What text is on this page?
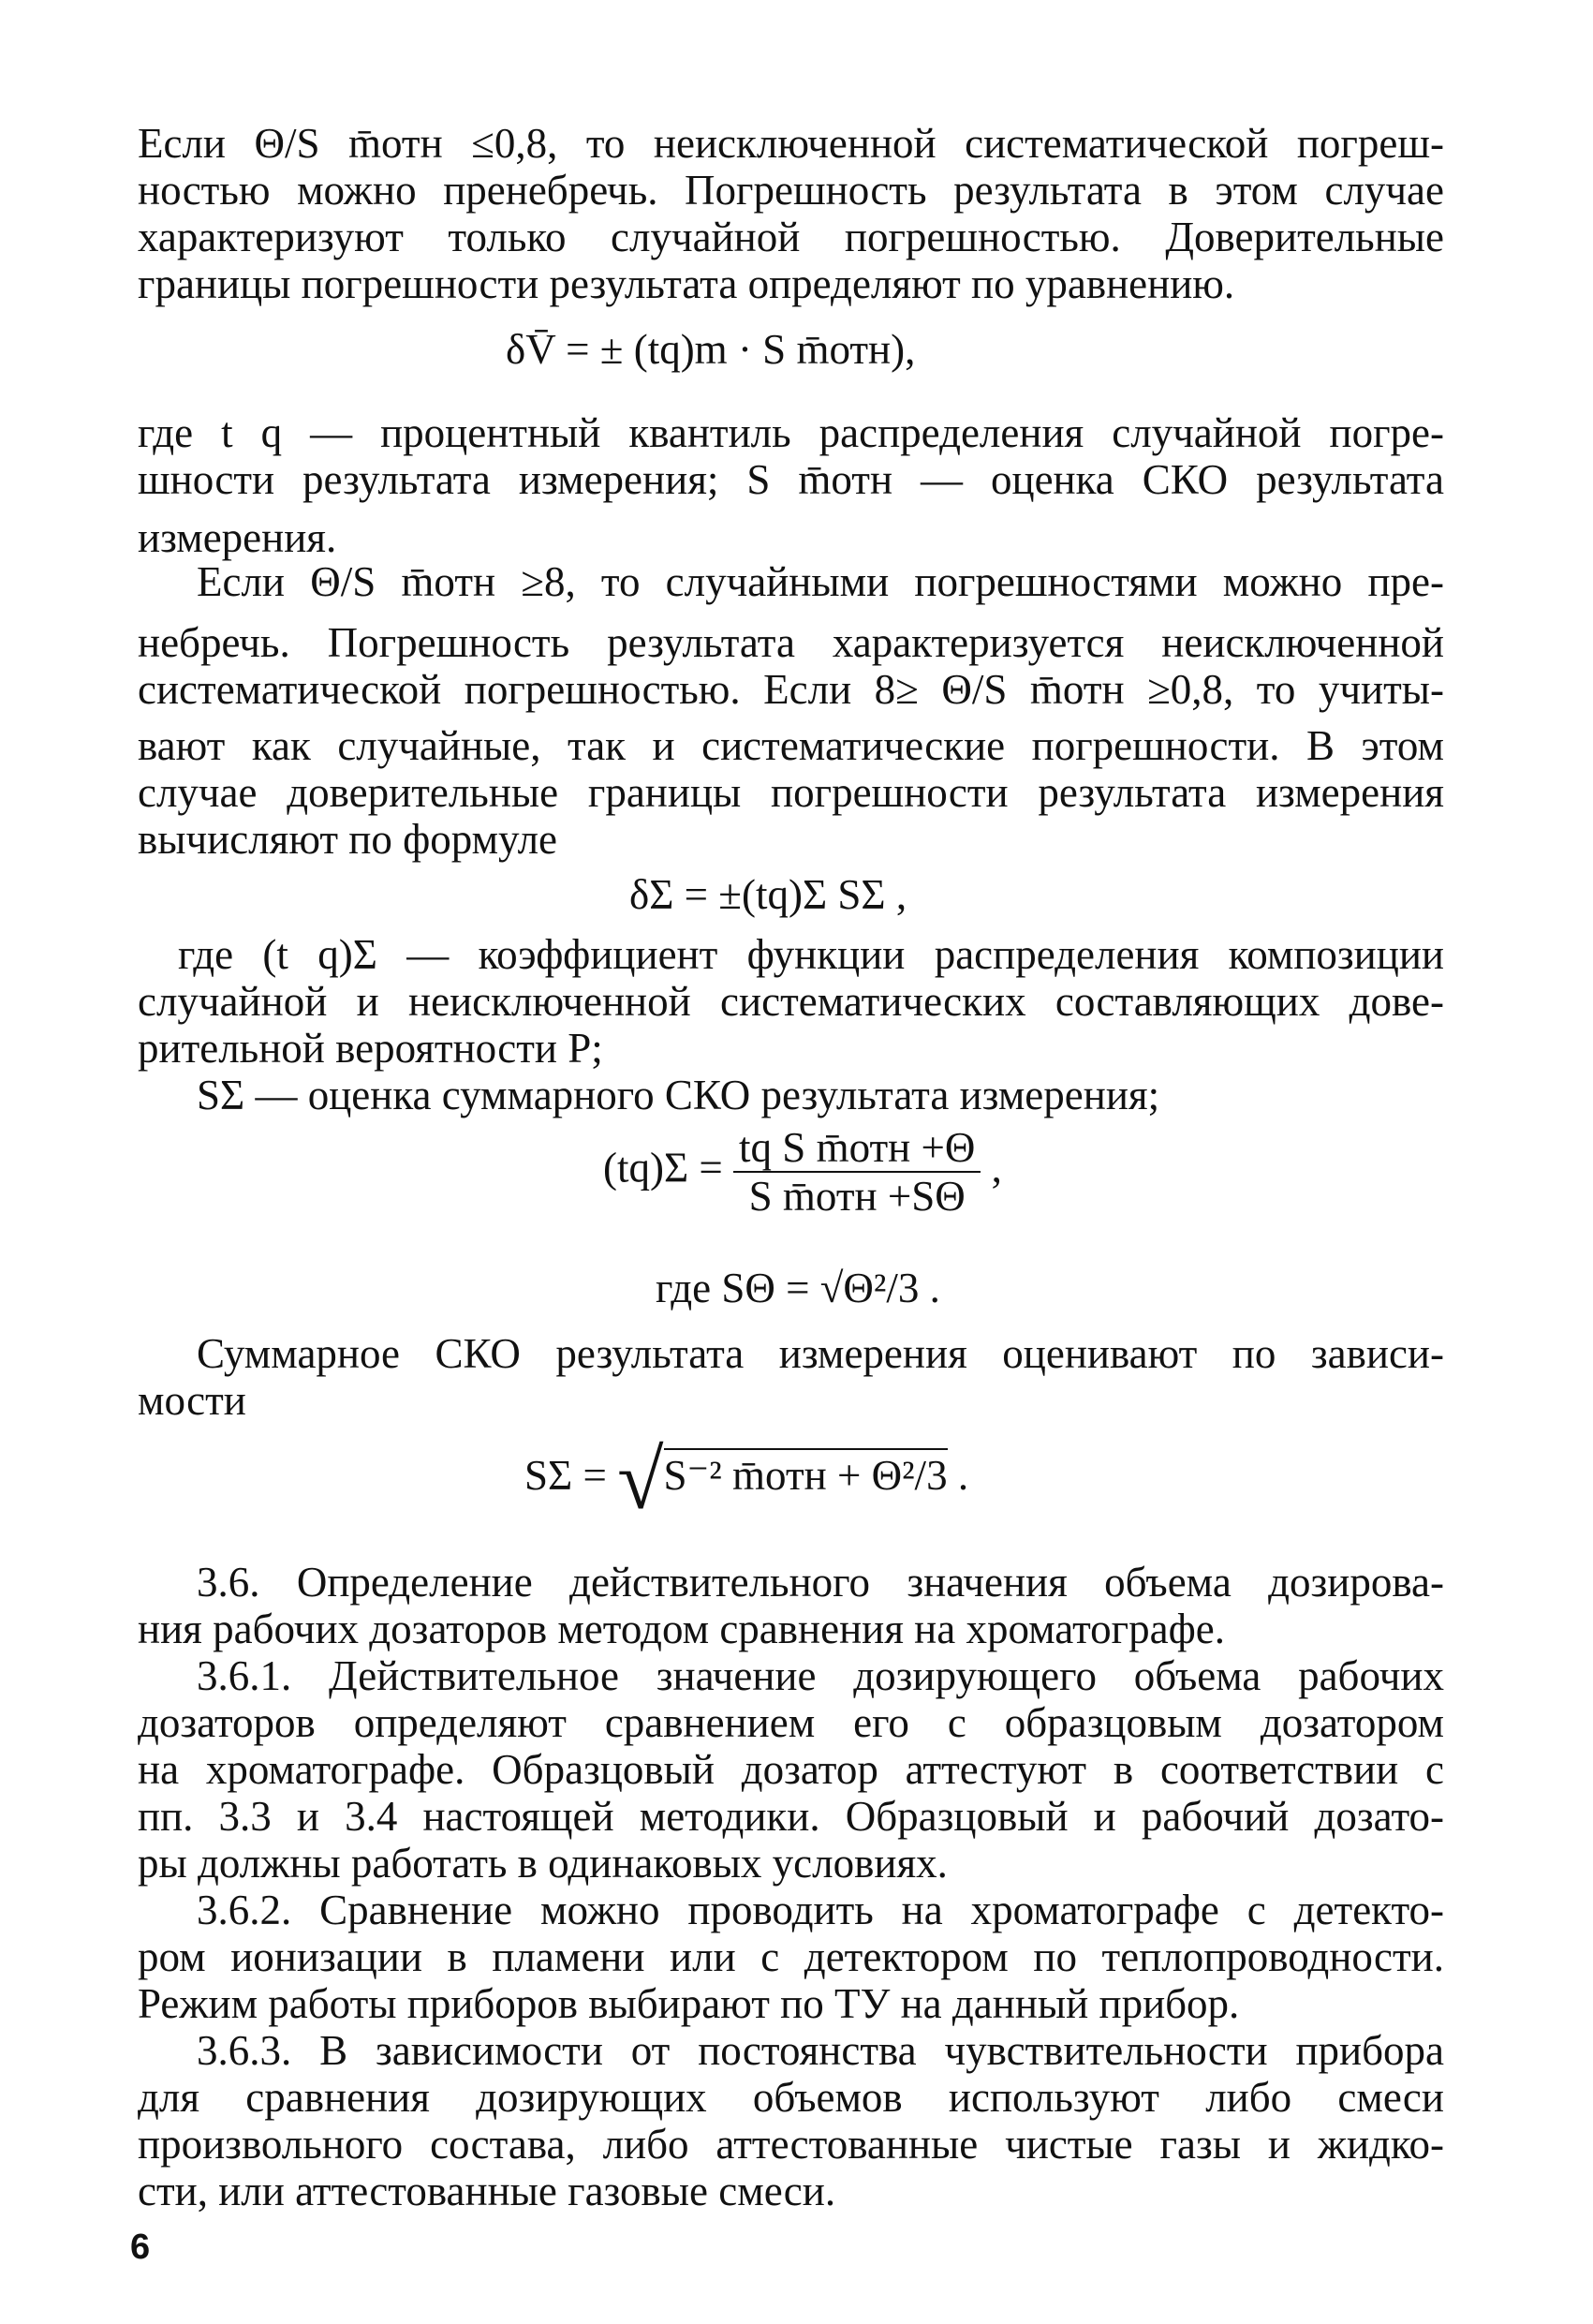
Если Θ/S m̄отн ≤0,8, то неисключенной систематической погреш-
ностью можно пренебречь. Погрешность результата в этом случае
характеризуют только случайной погрешностью. Доверительные
границы погрешности результата определяют по уравнению.
δV̄ = ± (tq)m · S m̄отн),
где t q — процентный квантиль распределения случайной погре-
шности результата измерения; S m̄отн — оценка СКО результата
измерения.
Если Θ/S m̄отн ≥8, то случайными погрешностями можно пре-
небречь. Погрешность результата характеризуется неисключенной
систематической погрешностью. Если 8≥ Θ/S m̄отн ≥0,8, то учиты-
вают как случайные, так и систематические погрешности. В этом
случае доверительные границы погрешности результата измерения
вычисляют по формуле
δΣ = ±(tq)Σ SΣ ,
где (t q)Σ — коэффициент функции распределения композиции
случайной и неисключенной систематических составляющих дове-
рительной вероятности P;
SΣ — оценка суммарного СКО результата измерения;
$(tq)\Sigma = \frac{\text{tq S m̄отн +Θ}}{\text{S m̄отн +SΘ}}$ ,
где SΘ = √Θ²/3 .
Суммарное СКО результата измерения оценивают по зависи-
мости
SΣ = √S⁻² m̄отн + Θ²/3 .
3.6. Определение действительного значения объема дозирова-
ния рабочих дозаторов методом сравнения на хроматографе.
3.6.1. Действительное значение дозирующего объема рабочих
дозаторов определяют сравнением его с образцовым дозатором
на хроматографе. Образцовый дозатор аттестуют в соответствии с
пп. 3.3 и 3.4 настоящей методики. Образцовый и рабочий дозато-
ры должны работать в одинаковых условиях.
3.6.2. Сравнение можно проводить на хроматографе с детекто-
ром ионизации в пламени или с детектором по теплопроводности.
Режим работы приборов выбирают по ТУ на данный прибор.
3.6.3. В зависимости от постоянства чувствительности прибора
для сравнения дозирующих объемов используют либо смеси
произвольного состава, либо аттестованные чистые газы и жидко-
сти, или аттестованные газовые смеси.
6
